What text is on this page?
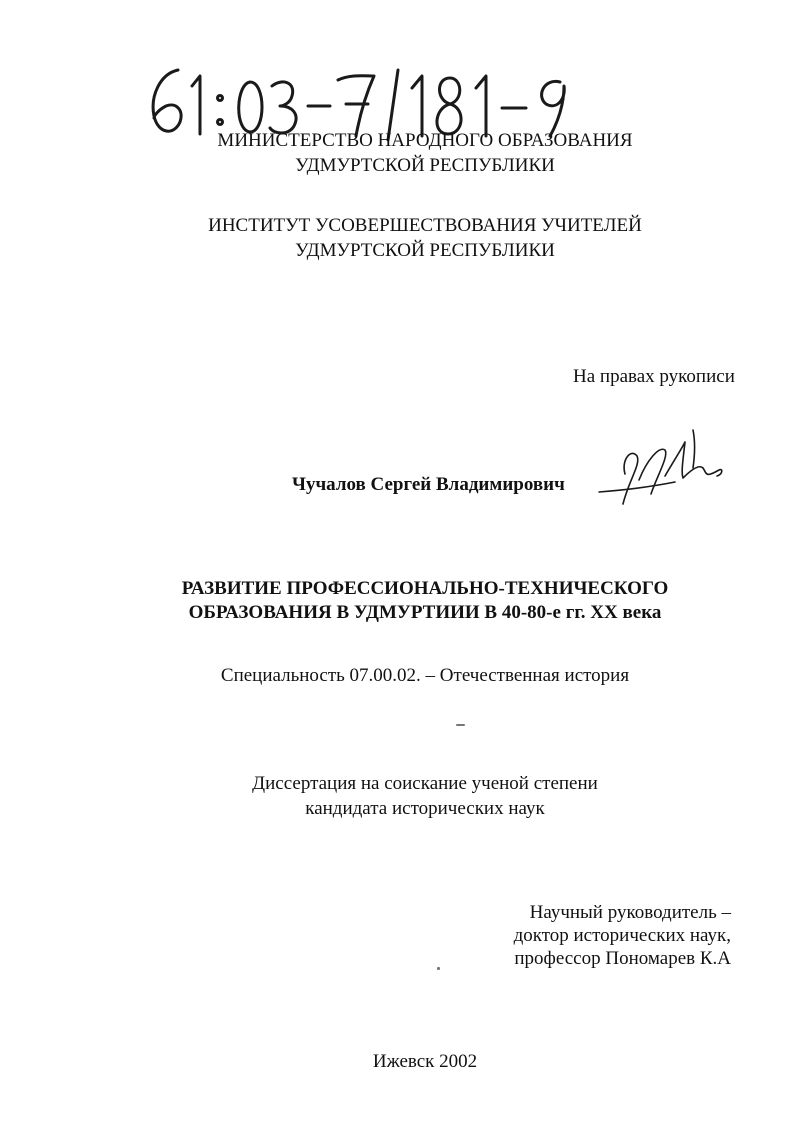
МИНИСТЕРСТВО НАРОДНОГО ОБРАЗОВАНИЯ
УДМУРТСКОЙ РЕСПУБЛИКИ
ИНСТИТУТ УСОВЕРШЕСТВОВАНИЯ УЧИТЕЛЕЙ
УДМУРТСКОЙ РЕСПУБЛИКИ
На правах рукописи
Чучалов Сергей Владимирович
РАЗВИТИЕ ПРОФЕССИОНАЛЬНО-ТЕХНИЧЕСКОГО
ОБРАЗОВАНИЯ В УДМУРТИИИ В 40-80-е гг. XX века
Специальность 07.00.02. – Отечественная история
Диссертация на соискание ученой степени
кандидата исторических наук
Научный руководитель –
доктор исторических наук,
профессор Пономарев К.А
Ижевск 2002
